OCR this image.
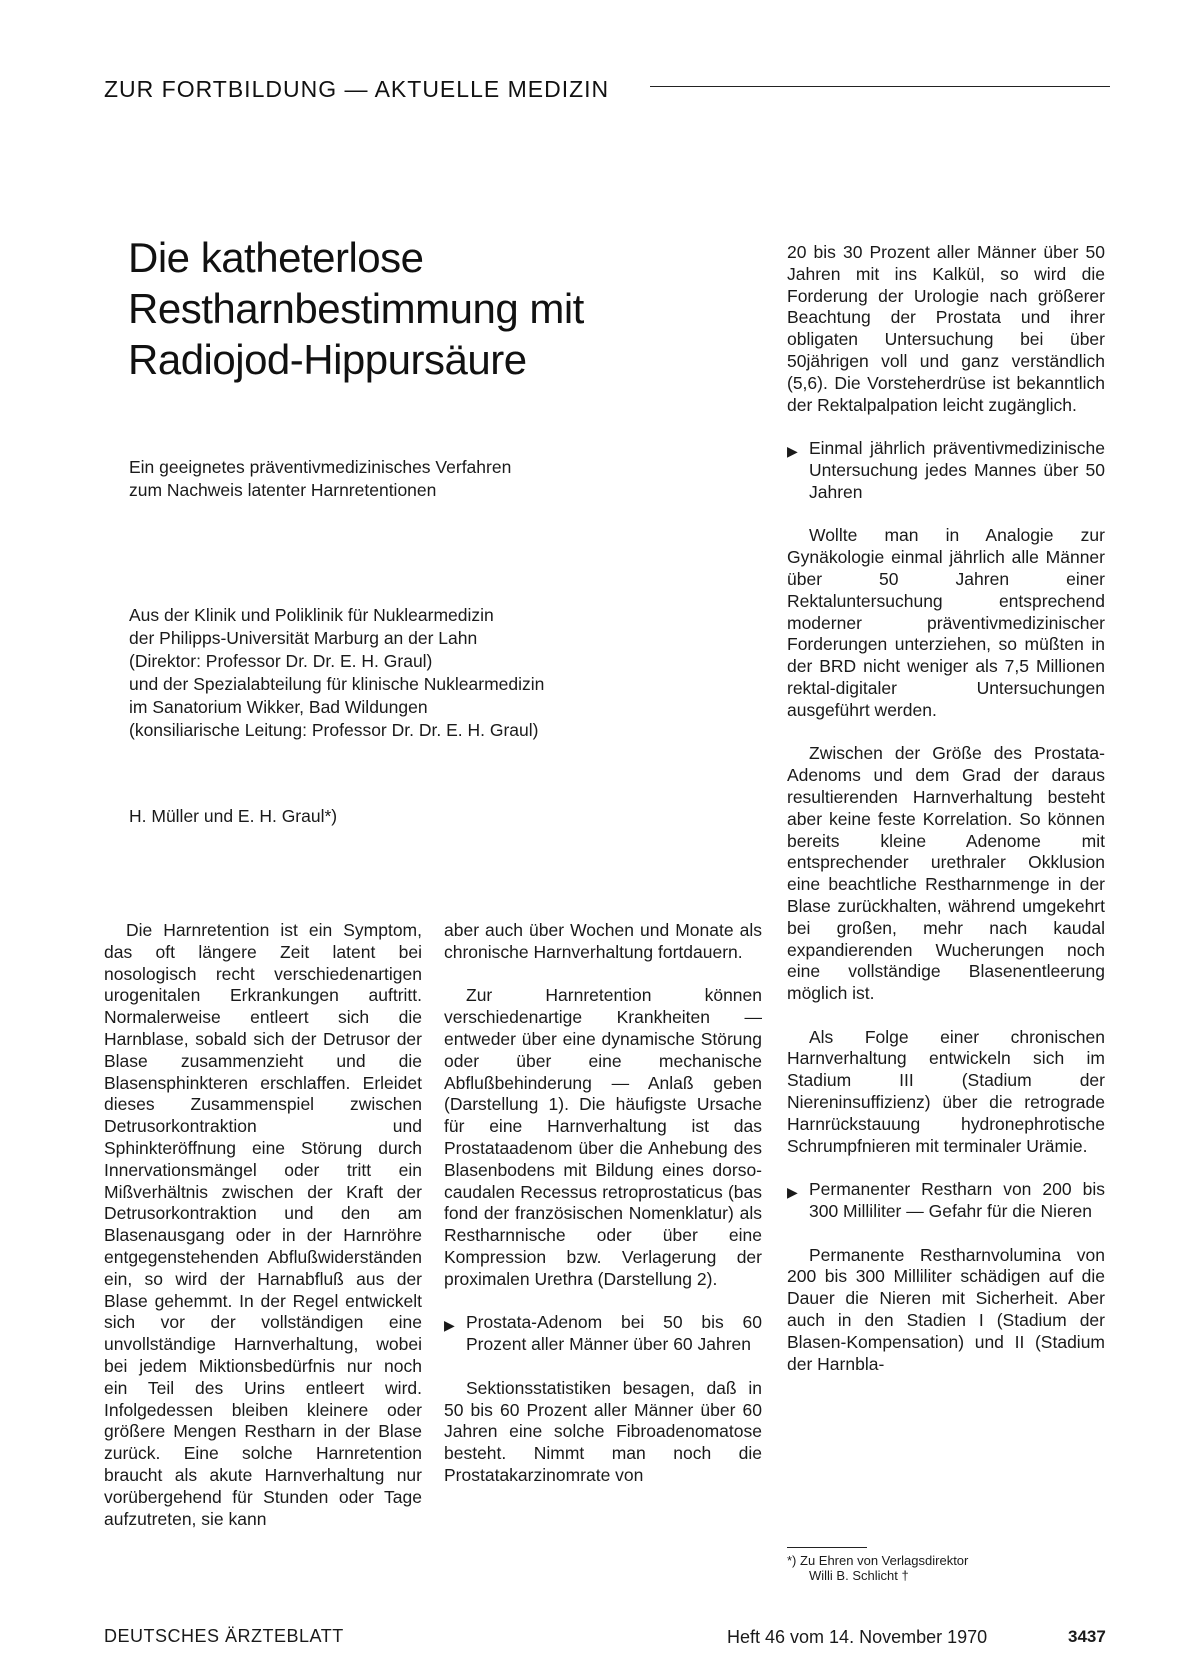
ZUR FORTBILDUNG — AKTUELLE MEDIZIN
Die katheterlose
Restharnbestimmung mit
Radiojod-Hippursäure
Ein geeignetes präventivmedizinisches Verfahren
zum Nachweis latenter Harnretentionen
Aus der Klinik und Poliklinik für Nuklearmedizin
der Philipps-Universität Marburg an der Lahn
(Direktor: Professor Dr. Dr. E. H. Graul)
und der Spezialabteilung für klinische Nuklearmedizin
im Sanatorium Wikker, Bad Wildungen
(konsiliarische Leitung: Professor Dr. Dr. E. H. Graul)
H. Müller und E. H. Graul*)

Die Harnretention ist ein Symptom, das oft längere Zeit latent bei nosologisch recht verschiedenartigen urogenitalen Erkrankungen auftritt. Normalerweise entleert sich die Harnblase, sobald sich der Detrusor der Blase zusammenzieht und die Blasensphinkteren erschlaffen. Erleidet dieses Zusammenspiel zwischen Detrusorkontraktion und Sphinkteröffnung eine Störung durch Innervationsmängel oder tritt ein Mißverhältnis zwischen der Kraft der Detrusorkontraktion und den am Blasenausgang oder in der Harnröhre entgegenstehenden Abflußwiderständen ein, so wird der Harnabfluß aus der Blase gehemmt. In der Regel entwickelt sich vor der vollständigen eine unvollständige Harnverhaltung, wobei bei jedem Miktionsbedürfnis nur noch ein Teil des Urins entleert wird. Infolgedessen bleiben kleinere oder größere Mengen Restharn in der Blase zurück. Eine solche Harnretention braucht als akute Harnverhaltung nur vorübergehend für Stunden oder Tage aufzutreten, sie kann

aber auch über Wochen und Monate als chronische Harnverhaltung fortdauern.

Zur Harnretention können verschiedenartige Krankheiten — entweder über eine dynamische Störung oder über eine mechanische Abflußbehinderung — Anlaß geben (Darstellung 1). Die häufigste Ursache für eine Harnverhaltung ist das Prostataadenom über die Anhebung des Blasenbodens mit Bildung eines dorso-caudalen Recessus retroprostaticus (bas fond der französischen Nomenklatur) als Restharnnische oder über eine Kompression bzw. Verlagerung der proximalen Urethra (Darstellung 2).

▶ Prostata-Adenom bei 50 bis 60 Prozent aller Männer über 60 Jahren

Sektionsstatistiken besagen, daß in 50 bis 60 Prozent aller Männer über 60 Jahren eine solche Fibroadenomatose besteht. Nimmt man noch die Prostatakarzinomrate von

20 bis 30 Prozent aller Männer über 50 Jahren mit ins Kalkül, so wird die Forderung der Urologie nach größerer Beachtung der Prostata und ihrer obligaten Untersuchung bei über 50jährigen voll und ganz verständlich (5,6). Die Vorsteherdrüse ist bekanntlich der Rektalpalpation leicht zugänglich.

▶ Einmal jährlich präventivmedizinische Untersuchung jedes Mannes über 50 Jahren

Wollte man in Analogie zur Gynäkologie einmal jährlich alle Männer über 50 Jahren einer Rektaluntersuchung entsprechend moderner präventivmedizinischer Forderungen unterziehen, so müßten in der BRD nicht weniger als 7,5 Millionen rektal-digitaler Untersuchungen ausgeführt werden.

Zwischen der Größe des Prostata-Adenoms und dem Grad der daraus resultierenden Harnverhaltung besteht aber keine feste Korrelation. So können bereits kleine Adenome mit entsprechender urethraler Okklusion eine beachtliche Restharnmenge in der Blase zurückhalten, während umgekehrt bei großen, mehr nach kaudal expandierenden Wucherungen noch eine vollständige Blasenentleerung möglich ist.

Als Folge einer chronischen Harnverhaltung entwickeln sich im Stadium III (Stadium der Niereninsuffizienz) über die retrograde Harnrückstauung hydronephrotische Schrumpfnieren mit terminaler Urämie.

▶ Permanenter Restharn von 200 bis 300 Milliliter — Gefahr für die Nieren

Permanente Restharnvolumina von 200 bis 300 Milliliter schädigen auf die Dauer die Nieren mit Sicherheit. Aber auch in den Stadien I (Stadium der Blasen-Kompensation) und II (Stadium der Harnbla-

*) Zu Ehren von Verlagsdirektor
Willi B. Schlicht †
DEUTSCHES ÄRZTEBLATT	Heft 46 vom 14. November 1970	3437
